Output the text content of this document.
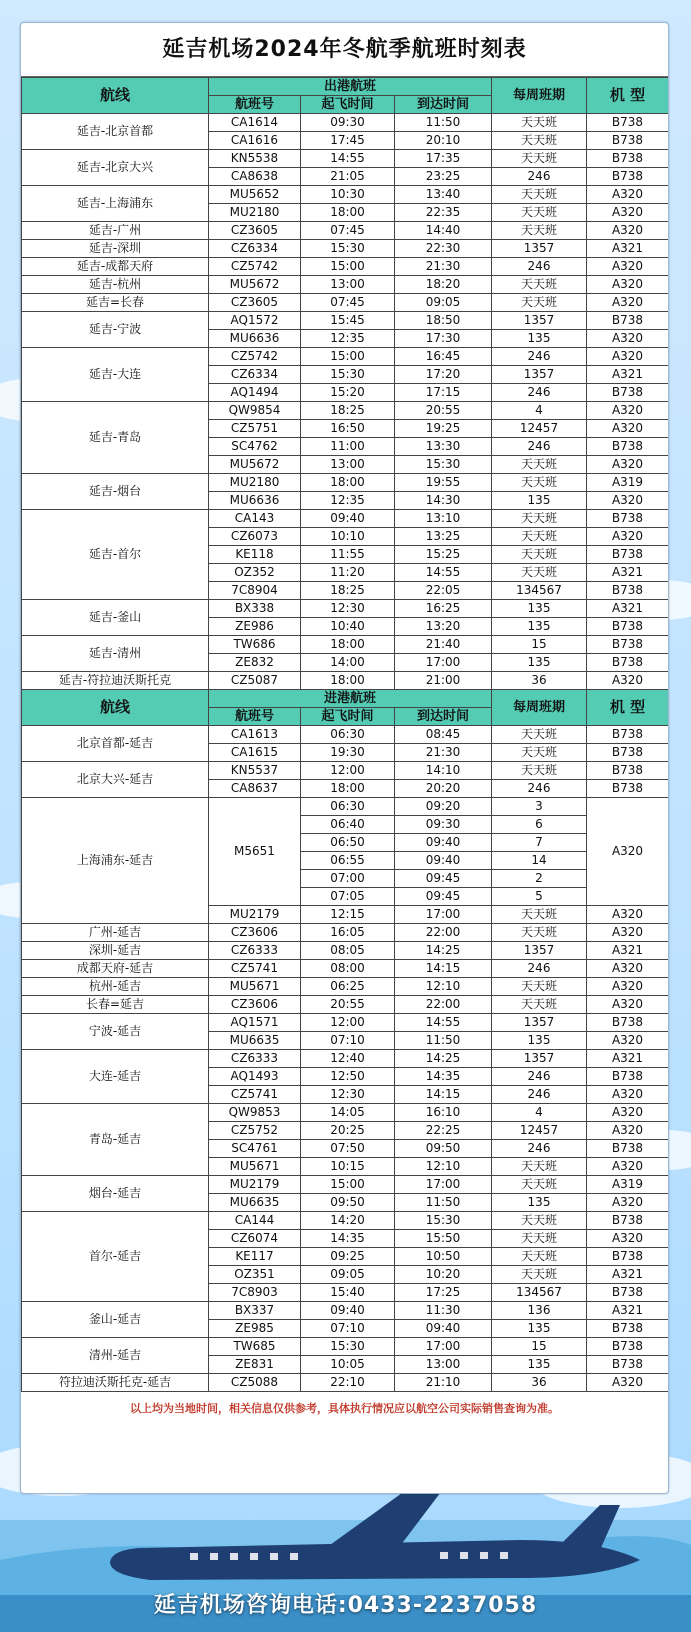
延吉机场2024年冬航季航班时刻表
航线	出港航班			每周班期	机 型
	航班号	起飞时间	到达时间		
延吉-北京首都	CA1614	09:30	11:50	天天班	B738
	CA1616	17:45	20:10	天天班	B738
延吉-北京大兴	KN5538	14:55	17:35	天天班	B738
	CA8638	21:05	23:25	246	B738
延吉-上海浦东	MU5652	10:30	13:40	天天班	A320
	MU2180	18:00	22:35	天天班	A320
延吉-广州	CZ3605	07:45	14:40	天天班	A320
延吉-深圳	CZ6334	15:30	22:30	1357	A321
延吉-成都天府	CZ5742	15:00	21:30	246	A320
延吉-杭州	MU5672	13:00	18:20	天天班	A320
延吉=长春	CZ3605	07:45	09:05	天天班	A320
延吉-宁波	AQ1572	15:45	18:50	1357	B738
	MU6636	12:35	17:30	135	A320
延吉-大连	CZ5742	15:00	16:45	246	A320
	CZ6334	15:30	17:20	1357	A321
	AQ1494	15:20	17:15	246	B738
延吉-青岛	QW9854	18:25	20:55	4	A320
	CZ5751	16:50	19:25	12457	A320
	SC4762	11:00	13:30	246	B738
	MU5672	13:00	15:30	天天班	A320
延吉-烟台	MU2180	18:00	19:55	天天班	A319
	MU6636	12:35	14:30	135	A320
延吉-首尔	CA143	09:40	13:10	天天班	B738
	CZ6073	10:10	13:25	天天班	A320
	KE118	11:55	15:25	天天班	B738
	OZ352	11:20	14:55	天天班	A321
	7C8904	18:25	22:05	134567	B738
延吉-釜山	BX338	12:30	16:25	135	A321
	ZE986	10:40	13:20	135	B738
延吉-清州	TW686	18:00	21:40	15	B738
	ZE832	14:00	17:00	135	B738
延吉-符拉迪沃斯托克	CZ5087	18:00	21:00	36	A320
航线	进港航班			每周班期	机 型
	航班号	起飞时间	到达时间		
北京首都-延吉	CA1613	06:30	08:45	天天班	B738
	CA1615	19:30	21:30	天天班	B738
北京大兴-延吉	KN5537	12:00	14:10	天天班	B738
	CA8637	18:00	20:20	246	B738
上海浦东-延吉	M5651	06:30	09:20	3	A320
		06:40	09:30	6	
		06:50	09:40	7	
		06:55	09:40	14	
		07:00	09:45	2	
		07:05	09:45	5	
	MU2179	12:15	17:00	天天班	A320
广州-延吉	CZ3606	16:05	22:00	天天班	A320
深圳-延吉	CZ6333	08:05	14:25	1357	A321
成都天府-延吉	CZ5741	08:00	14:15	246	A320
杭州-延吉	MU5671	06:25	12:10	天天班	A320
长春=延吉	CZ3606	20:55	22:00	天天班	A320
宁波-延吉	AQ1571	12:00	14:55	1357	B738
	MU6635	07:10	11:50	135	A320
大连-延吉	CZ6333	12:40	14:25	1357	A321
	AQ1493	12:50	14:35	246	B738
	CZ5741	12:30	14:15	246	A320
青岛-延吉	QW9853	14:05	16:10	4	A320
	CZ5752	20:25	22:25	12457	A320
	SC4761	07:50	09:50	246	B738
	MU5671	10:15	12:10	天天班	A320
烟台-延吉	MU2179	15:00	17:00	天天班	A319
	MU6635	09:50	11:50	135	A320
首尔-延吉	CA144	14:20	15:30	天天班	B738
	CZ6074	14:35	15:50	天天班	A320
	KE117	09:25	10:50	天天班	B738
	OZ351	09:05	10:20	天天班	A321
	7C8903	15:40	17:25	134567	B738
釜山-延吉	BX337	09:40	11:30	136	A321
	ZE985	07:10	09:40	135	B738
清州-延吉	TW685	15:30	17:00	15	B738
	ZE831	10:05	13:00	135	B738
符拉迪沃斯托克-延吉	CZ5088	22:10	21:10	36	A320
以上均为当地时间，相关信息仅供参考，具体执行情况应以航空公司实际销售查询为准。
延吉机场咨询电话:0433-2237058
